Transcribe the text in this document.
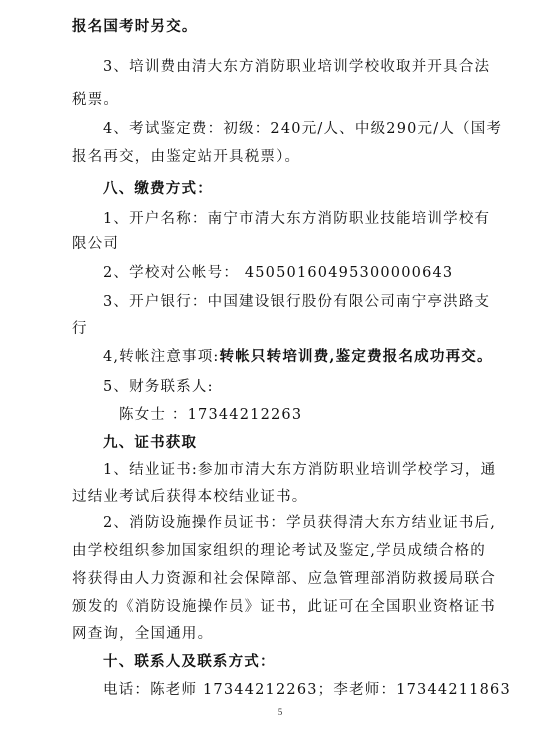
报名国考时另交。
3、培训费由清大东方消防职业培训学校收取并开具合法
税票。
4、考试鉴定费：初级：240元/人、中级290元/人（国考
报名再交，由鉴定站开具税票）。
八、缴费方式：
1、开户名称：南宁市清大东方消防职业技能培训学校有
限公司
2、学校对公帐号： 45050160495300000643
3、开户银行：中国建设银行股份有限公司南宁亭洪路支
行
4,转帐注意事项:转帐只转培训费,鉴定费报名成功再交。
5、财务联系人:
陈女士 ：17344212263
九、证书获取
1、结业证书:参加市清大东方消防职业培训学校学习，通
过结业考试后获得本校结业证书。
2、消防设施操作员证书：学员获得清大东方结业证书后,
由学校组织参加国家组织的理论考试及鉴定,学员成绩合格的
将获得由人力资源和社会保障部、应急管理部消防救援局联合
颁发的《消防设施操作员》证书，此证可在全国职业资格证书
网查询，全国通用。
十、联系人及联系方式：
电话：陈老师 17344212263；李老师：17344211863
5
